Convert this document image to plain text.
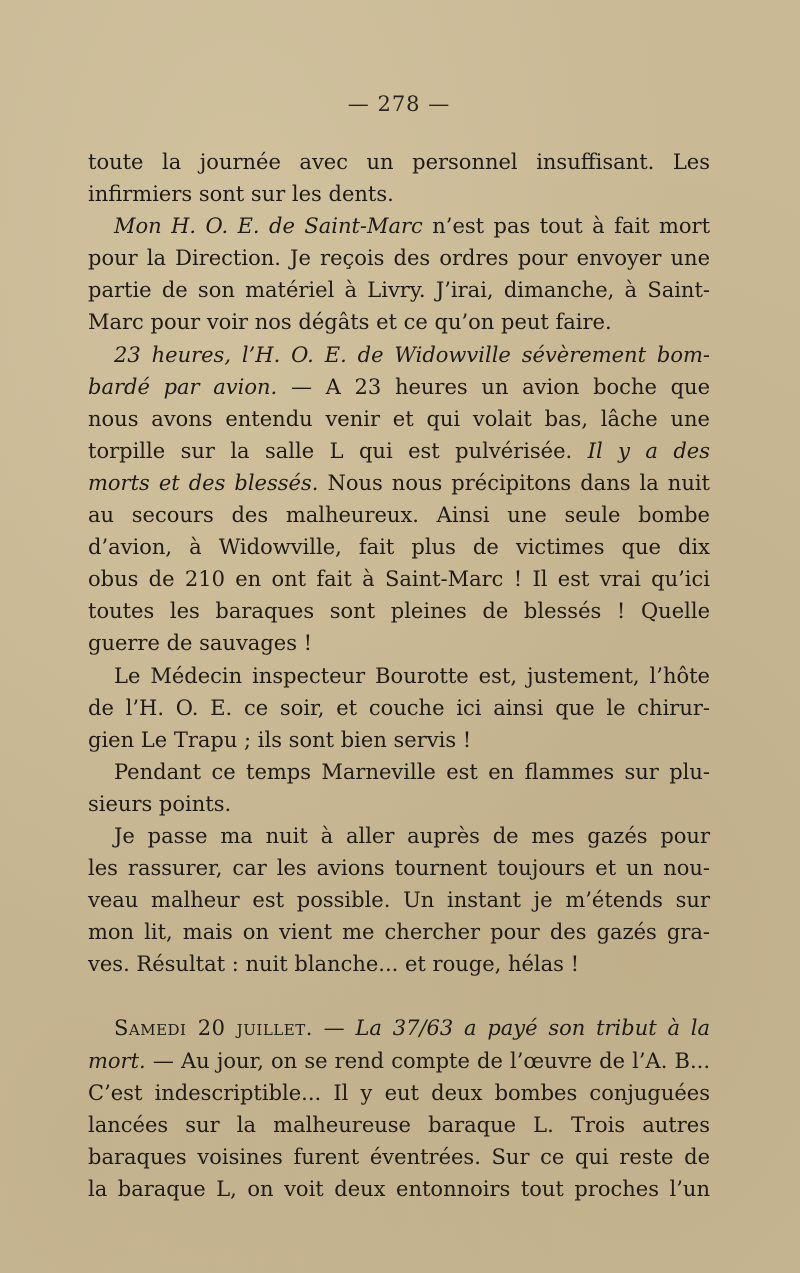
— 278 —
toute la journée avec un personnel insuffisant. Les
infirmiers sont sur les dents.
Mon H. O. E. de Saint-Marc n’est pas tout à fait mort
pour la Direction. Je reçois des ordres pour envoyer une
partie de son matériel à Livry. J’irai, dimanche, à Saint-
Marc pour voir nos dégâts et ce qu’on peut faire.
23 heures, l’H. O. E. de Widowville sévèrement bom-
bardé par avion. — A 23 heures un avion boche que
nous avons entendu venir et qui volait bas, lâche une
torpille sur la salle L qui est pulvérisée. Il y a des
morts et des blessés. Nous nous précipitons dans la nuit
au secours des malheureux. Ainsi une seule bombe
d’avion, à Widowville, fait plus de victimes que dix
obus de 210 en ont fait à Saint-Marc ! Il est vrai qu’ici
toutes les baraques sont pleines de blessés ! Quelle
guerre de sauvages !
Le Médecin inspecteur Bourotte est, justement, l’hôte
de l’H. O. E. ce soir, et couche ici ainsi que le chirur-
gien Le Trapu ; ils sont bien servis !
Pendant ce temps Marneville est en flammes sur plu-
sieurs points.
Je passe ma nuit à aller auprès de mes gazés pour
les rassurer, car les avions tournent toujours et un nou-
veau malheur est possible. Un instant je m’étends sur
mon lit, mais on vient me chercher pour des gazés gra-
ves. Résultat : nuit blanche... et rouge, hélas !
Samedi 20 juillet. — La 37/63 a payé son tribut à la
mort. — Au jour, on se rend compte de l’œuvre de l’A. B...
C’est indescriptible... Il y eut deux bombes conjuguées
lancées sur la malheureuse baraque L. Trois autres
baraques voisines furent éventrées. Sur ce qui reste de
la baraque L, on voit deux entonnoirs tout proches l’un
